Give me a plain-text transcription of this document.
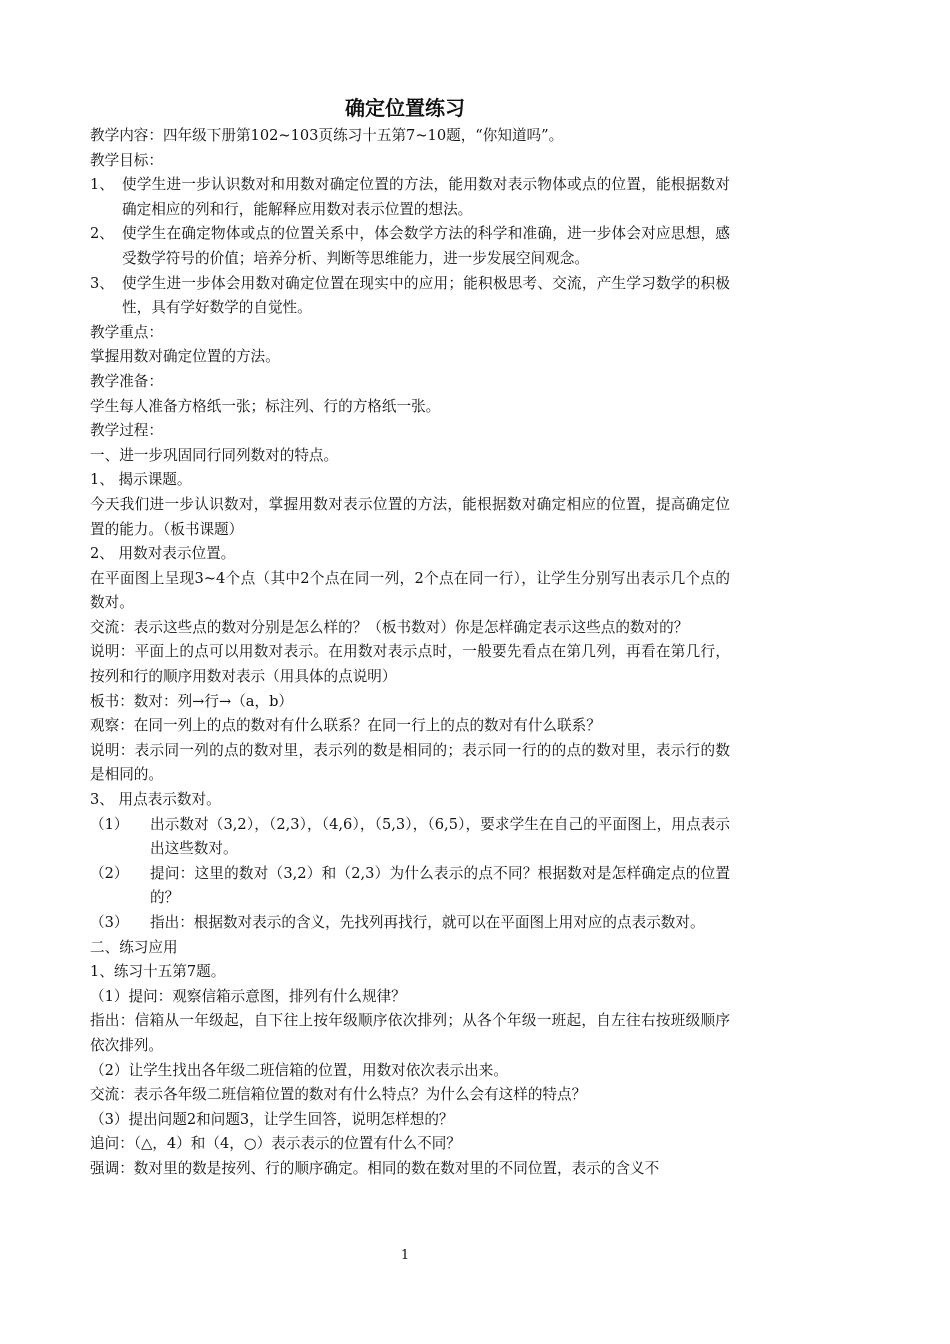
确定位置练习
教学内容：四年级下册第102~103页练习十五第7~10题，“你知道吗”。
教学目标：
1、 使学生进一步认识数对和用数对确定位置的方法，能用数对表示物体或点的位置，能根据数对确定相应的列和行，能解释应用数对表示位置的想法。
2、 使学生在确定物体或点的位置关系中，体会数学方法的科学和准确，进一步体会对应思想，感受数学符号的价值；培养分析、判断等思维能力，进一步发展空间观念。
3、 使学生进一步体会用数对确定位置在现实中的应用；能积极思考、交流，产生学习数学的积极性，具有学好数学的自觉性。
教学重点：
掌握用数对确定位置的方法。
教学准备：
学生每人准备方格纸一张；标注列、行的方格纸一张。
教学过程：
一、进一步巩固同行同列数对的特点。
1、 揭示课题。
今天我们进一步认识数对，掌握用数对表示位置的方法，能根据数对确定相应的位置，提高确定位置的能力。（板书课题）
2、 用数对表示位置。
在平面图上呈现3~4个点（其中2个点在同一列，2个点在同一行），让学生分别写出表示几个点的数对。
交流：表示这些点的数对分别是怎么样的？（板书数对）你是怎样确定表示这些点的数对的？
说明：平面上的点可以用数对表示。在用数对表示点时，一般要先看点在第几列，再看在第几行，按列和行的顺序用数对表示（用具体的点说明）
板书：数对：列→行→（a，b）
观察：在同一列上的点的数对有什么联系？在同一行上的点的数对有什么联系？
说明：表示同一列的点的数对里，表示列的数是相同的；表示同一行的的点的数对里，表示行的数是相同的。
3、 用点表示数对。
（1） 出示数对（3,2），（2,3），（4,6），（5,3），（6,5），要求学生在自己的平面图上，用点表示出这些数对。
（2） 提问：这里的数对（3,2）和（2,3）为什么表示的点不同？根据数对是怎样确定点的位置的？
（3） 指出：根据数对表示的含义，先找列再找行，就可以在平面图上用对应的点表示数对。
二、练习应用
1、练习十五第7题。
（1）提问：观察信箱示意图，排列有什么规律？
指出：信箱从一年级起，自下往上按年级顺序依次排列；从各个年级一班起，自左往右按班级顺序依次排列。
（2）让学生找出各年级二班信箱的位置，用数对依次表示出来。
交流：表示各年级二班信箱位置的数对有什么特点？为什么会有这样的特点？
（3）提出问题2和问题3，让学生回答，说明怎样想的？
追问：（△，4）和（4，○）表示表示的位置有什么不同？
强调：数对里的数是按列、行的顺序确定。相同的数在数对里的不同位置，表示的含义不
1
